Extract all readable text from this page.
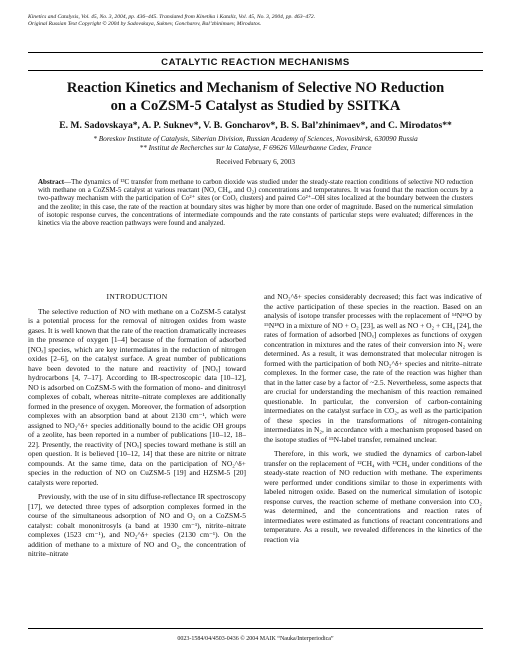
Kinetics and Catalysis, Vol. 45, No. 3, 2004, pp. 436–445. Translated from Kinetika i Kataliz, Vol. 45, No. 3, 2004, pp. 463–472.
Original Russian Text Copyright © 2004 by Sadovskaya, Suknev, Goncharov, Bal’zhinimaev, Mirodatos.
CATALYTIC REACTION MECHANISMS
Reaction Kinetics and Mechanism of Selective NO Reduction
on a CoZSM-5 Catalyst as Studied by SSITKA
E. M. Sadovskaya*, A. P. Suknev*, V. B. Goncharov*, B. S. Bal’zhinimaev*, and C. Mirodatos**
* Boreskov Institute of Catalysis, Siberian Division, Russian Academy of Sciences, Novosibirsk, 630090 Russia
** Institut de Recherches sur la Catalyse, F 69626 Villeurbanne Cedex, France
Received February 6, 2003
Abstract—The dynamics of ¹³C transfer from methane to carbon dioxide was studied under the steady-state reaction conditions of selective NO reduction with methane on a CoZSM-5 catalyst at various reactant (NO, CH₄, and O₂) concentrations and temperatures. It was found that the reaction occurs by a two-pathway mechanism with the participation of Co²⁺ sites (or CoOₓ clusters) and paired Co²⁺–OH sites localized at the boundary between the clusters and the zeolite; in this case, the rate of the reaction at boundary sites was higher by more than one order of magnitude. Based on the numerical simulation of isotopic response curves, the concentrations of intermediate compounds and the rate constants of particular steps were evaluated; differences in the kinetics via the above reaction pathways were found and analyzed.

INTRODUCTION

The selective reduction of NO with methane on a CoZSM-5 catalyst is a potential process for the removal of nitrogen oxides from waste gases. It is well known that the rate of the reaction dramatically increases in the presence of oxygen [1–4] because of the formation of adsorbed [NOₓ] species, which are key intermediates in the reduction of nitrogen oxides [2–6], on the catalyst surface. A great number of publications have been devoted to the nature and reactivity of [NOₓ] toward hydrocarbons [4, 7–17]. According to IR-spectroscopic data [10–12], NO is adsorbed on CoZSM-5 with the formation of mono- and dinitrosyl complexes of cobalt, whereas nitrite–nitrate complexes are additionally formed in the presence of oxygen. Moreover, the formation of adsorption complexes with an absorption band at about 2130 cm⁻¹, which were assigned to NO₂^δ+ species additionally bound to the acidic OH groups of a zeolite, has been reported in a number of publications [10–12, 18–22]. Presently, the reactivity of [NOₓ] species toward methane is still an open question. It is believed [10–12, 14] that these are nitrite or nitrate compounds. At the same time, data on the participation of NO₂^δ+ species in the reduction of NO on CuZSM-5 [19] and HZSM-5 [20] catalysts were reported.

Previously, with the use of in situ diffuse-reflectance IR spectroscopy [17], we detected three types of adsorption complexes formed in the course of the simultaneous adsorption of NO and O₂ on a CoZSM-5 catalyst: cobalt mononitrosyls (a band at 1930 cm⁻¹), nitrite–nitrate complexes (1523 cm⁻¹), and NO₂^δ+ species (2130 cm⁻¹). On the addition of methane to a mixture of NO and O₂, the concentration of nitrite–nitrate

and NO₂^δ+ species considerably decreased; this fact was indicative of the active participation of these species in the reaction. Based on an analysis of isotope transfer processes with the replacement of ¹⁴N¹⁶O by ¹⁵N¹⁸O in a mixture of NO + O₂ [23], as well as NO + O₂ + CH₄ [24], the rates of formation of adsorbed [NOₓ] complexes as functions of oxygen concentration in mixtures and the rates of their conversion into N₂ were determined. As a result, it was demonstrated that molecular nitrogen is formed with the participation of both NO₂^δ+ species and nitrite–nitrate complexes. In the former case, the rate of the reaction was higher than that in the latter case by a factor of ~2.5. Nevertheless, some aspects that are crucial for understanding the mechanism of this reaction remained questionable. In particular, the conversion of carbon-containing intermediates on the catalyst surface in CO₂, as well as the participation of these species in the transformations of nitrogen-containing intermediates in N₂, in accordance with a mechanism proposed based on the isotope studies of ¹⁵N-label transfer, remained unclear.

Therefore, in this work, we studied the dynamics of carbon-label transfer on the replacement of ¹²CH₄ with ¹³CH₄ under conditions of the steady-state reaction of NO reduction with methane. The experiments were performed under conditions similar to those in experiments with labeled nitrogen oxide. Based on the numerical simulation of isotopic response curves, the reaction scheme of methane conversion into CO₂ was determined, and the concentrations and reaction rates of intermediates were estimated as functions of reactant concentrations and temperature. As a result, we revealed differences in the kinetics of the reaction via

0023-1584/04/4503-0436 © 2004 MAIK “Nauka/Interperiodica”
